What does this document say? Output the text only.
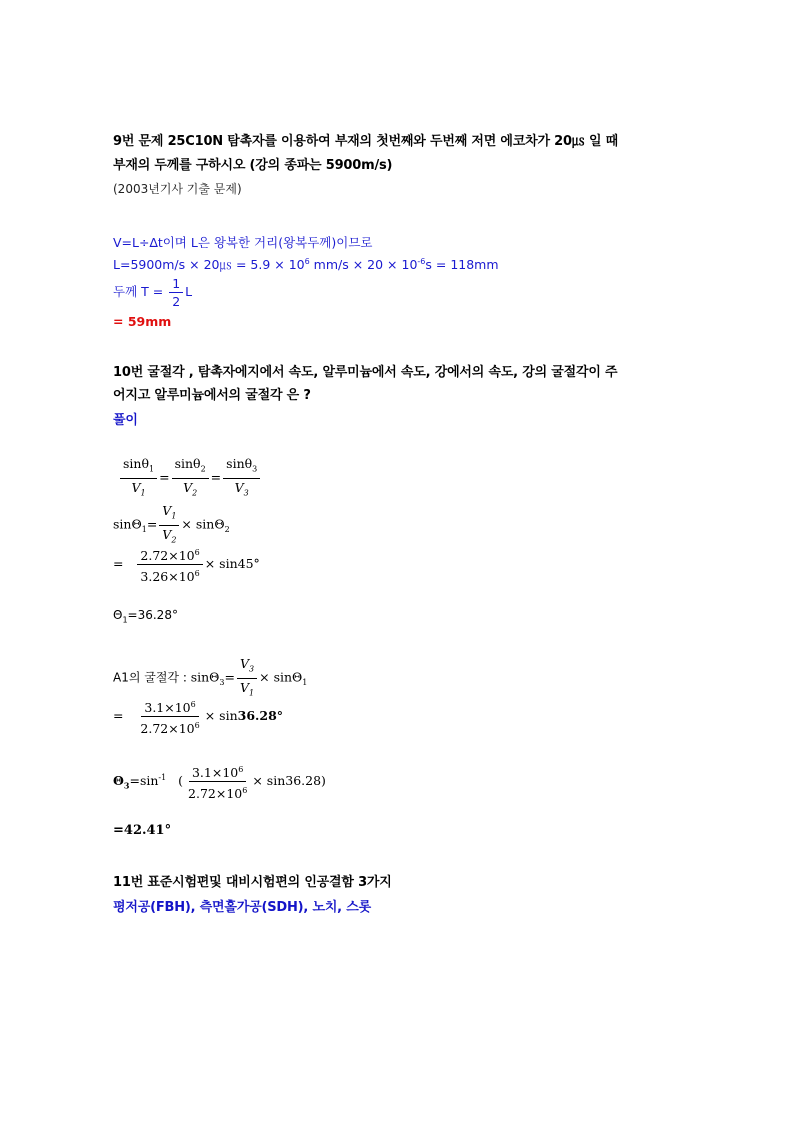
9번 문제 25C10N 탐촉자를 이용하여 부재의 첫번째와 두번째 저면 에코차가 20㎲ 일 때
부재의 두께를 구하시오 (강의 종파는 5900m/s)
(2003년기사 기출 문제)
V=L÷∆t이며 L은 왕복한 거리(왕복두께)이므로
L=5900m/s × 20㎲ = $5.9 \times 10^6$ $mm/s \times 20 \times 10^{-6}s = 118mm$
두께 $T = \frac{1}{2}$ L
= 59mm
10번 굴절각 , 탐촉자에지에서 속도, 알루미늄에서 속도, 강에서의 속도, 강의 굴절각이 주
어지고 알루미늄에서의 굴절각 은 ?
풀이
$\frac{\sin\theta_1}{V_1} = \frac{\sin\theta_2}{V_2} = \frac{\sin\theta_3}{V_3}$
$\sin\Theta_1= \frac{V_1}{V_2} \times \sin\Theta_2$
= $\frac{2.72\times 10^6}{3.26\times 10^6} \times \sin 45^\circ$
$\Theta_1=36.28^\circ$
A1의 굴절각 : $\sin\Theta_3= \frac{V_3}{V_1} \times \sin\Theta_1$
= $\frac{3.1\times 10^6}{2.72\times 10^6} \times \sin 36.28^\circ$
$\Theta_3=\sin^{-1}$ ( $\frac{3.1\times 10^6}{2.72\times 10^6} \times \sin 36.28$)
=42.41°
11번 표준시험편및 대비시험편의 인공결함 3가지
평저공(FBH), 측면홀가공(SDH), 노치, 스롯
